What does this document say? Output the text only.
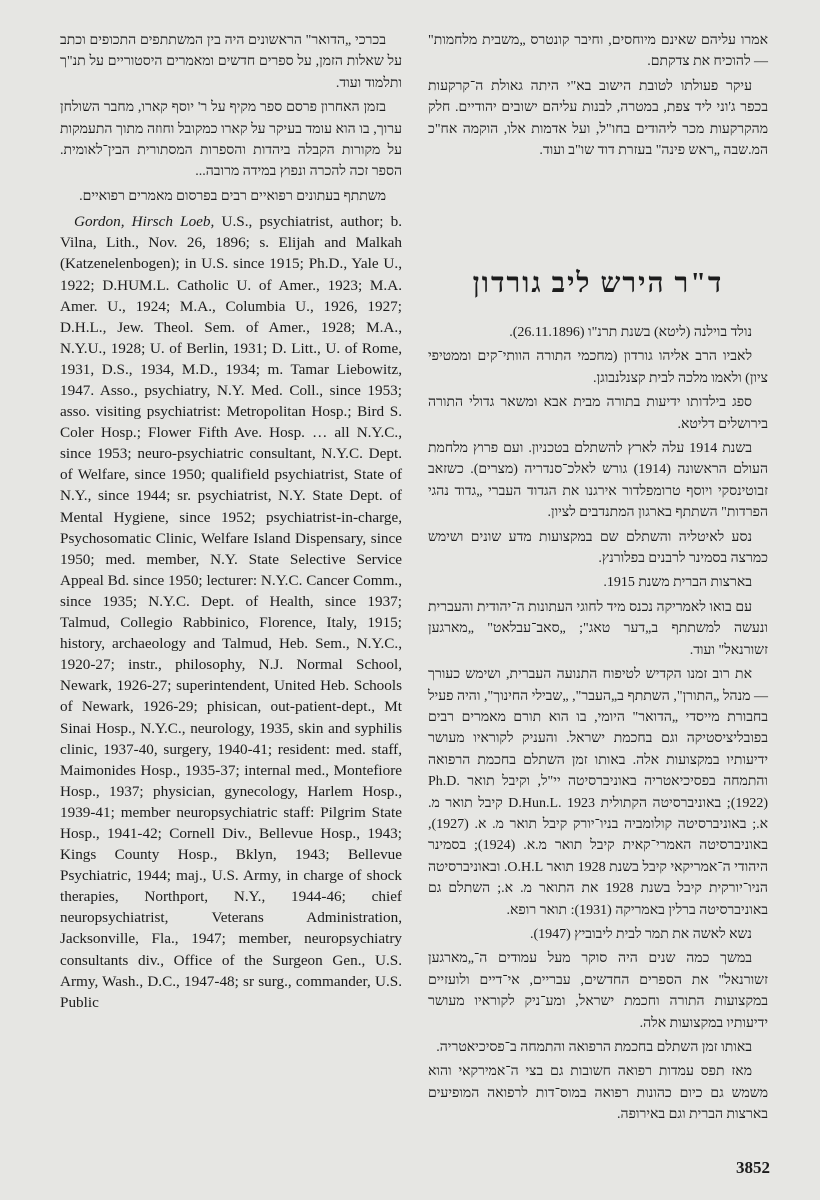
בכרכי „הדואר" הראשונים היה בין המשתתפים התכופים וכתב על שאלות הזמן, על ספרים חדשים ומאמרים היסטוריים על תנ"ך ותלמוד ועוד.

בזמן האחרון פרסם ספר מקיף על ר' יוסף קארו, מחבר השולחן ערוך, בו הוא עומד בעיקר על קארו כמקובל וחוזה מתוך התעמקות על מקורות הקבלה ביהדות והספרות המסתורית הבין־לאומית. הספר זכה להכרה ונפוץ במידה מרובה...

משתתף בעתונים רפואיים רבים בפרסום מאמרים רפואיים.

Gordon, Hirsch Loeb, U.S., psychiatrist, author; b. Vilna, Lith., Nov. 26, 1896; s. Elijah and Malkah (Katzenelenbogen); in U.S. since 1915; Ph.D., Yale U., 1922; D.HUM.L. Catholic U. of Amer., 1923; M.A. Amer. U., 1924; M.A., Columbia U., 1926, 1927; D.H.L., Jew. Theol. Sem. of Amer., 1928; M.A., N.Y.U., 1928; U. of Berlin, 1931; D. Litt., U. of Rome, 1931, D.S., 1934, M.D., 1934; m. Tamar Liebowitz, 1947. Asso., psychiatry, N.Y. Med. Coll., since 1953; asso. visiting psychiatrist: Metropolitan Hosp.; Bird S. Coler Hosp.; Flower Fifth Ave. Hosp. … all N.Y.C., since 1953; neuro-psychiatric consultant, N.Y.C. Dept. of Welfare, since 1950; qualifield psychiatrist, State of N.Y., since 1944; sr. psychiatrist, N.Y. State Dept. of Mental Hygiene, since 1952; psychiatrist-in-charge, Psychosomatic Clinic, Welfare Island Dispensary, since 1950; med. member, N.Y. State Selective Service Appeal Bd. since 1950; lecturer: N.Y.C. Cancer Comm., since 1935; N.Y.C. Dept. of Health, since 1937; Talmud, Collegio Rabbinico, Florence, Italy, 1915; history, archaeology and Talmud, Heb. Sem., N.Y.C., 1920-27; instr., philosophy, N.J. Normal School, Newark, 1926-27; superintendent, United Heb. Schools of Newark, 1926-29; phisican, out-patient-dept., Mt Sinai Hosp., N.Y.C., neurology, 1935, skin and syphilis clinic, 1937-40, surgery, 1940-41; resident: med. staff, Maimonides Hosp., 1935-37; internal med., Montefiore Hosp., 1937; physician, gynecology, Harlem Hosp., 1939-41; member neuropsychiatric staff: Pilgrim State Hosp., 1941-42; Cornell Div., Bellevue Hosp., 1943; Kings County Hosp., Bklyn, 1943; Bellevue Psychiatric, 1944; maj., U.S. Army, in charge of shock therapies, Northport, N.Y., 1944-46; chief neuropsychiatrist, Veterans Administration, Jacksonville, Fla., 1947; member, neuropsychiatry consultants div., Office of the Surgeon Gen., U.S. Army, Wash., D.C., 1947-48; sr surg., commander, U.S. Public

אמרו עליהם שאינם מיוחסים, וחיבר קונטרס „משבית מלחמות" — להוכיח את צדקתם.

עיקר פעולתו לטובת הישוב בא"י היתה גאולת ה־קרקעות בכפר ג'וני ליד צפת, במטרה, לבנות עליהם ישובים יהודיים. חלק מהקרקעות מכר ליהודים בחו"ל, ועל אדמות אלו, הוקמה אח"כ המ.שבה „ראש פינה" בעזרת דוד שו"ב ועוד.

ד"ר הירש ליב גורדון

נולד בוילנה (ליטא) בשנת תרנ"ו (26.11.1896).

לאביו הרב אליהו גורדון (מחכמי התורה הוותי־קים וממטיפי ציון) ולאמו מלכה לבית קצנלנבוגן.

ספג בילדותו ידיעות בתורה מבית אבא ומשאר גדולי התורה בירושלים דליטא.

בשנת 1914 עלה לארץ להשתלם בטכניון. ועם פרוץ מלחמת העולם הראשונה (1914) גורש לאלכ־סנדריה (מצרים). כשזאב זבוטינסקי ויוסף טרומפלדור אירגנו את הגדוד העברי „גדוד נהגי הפרדות" השתתף בארגון המתנדבים לציון.

נסע לאיטליה והשתלם שם במקצועות מדע שונים ושימש כמרצה בסמינר לרבנים בפלורנץ.

בארצות הברית משנת 1915.

עם בואו לאמריקה נכנס מיד לחוגי העתונות ה־יהודית והעברית ונעשה למשתתף ב„דער טאג"; „סאב־עבלאט" „מארגען זשורנאל" ועוד.

את רוב זמנו הקדיש לטיפוח התנועה העברית, ושימש כעורך — מנהל „התורן", השתתף ב„העבר", „שבילי החינוך", והיה פעיל בחבורת מייסדי „הדואר" היומי, בו הוא תורם מאמרים רבים בפובליציסטיקה וגם בחכמת ישראל. והעניק לקוראיו מעושר ידיעותיו במקצועות אלה. באותו זמן השתלם בחכמת הרפואה והתמחה בפסיכיאטריה באוניברסיטה יי"ל, וקיבל תואר Ph.D. (1922); באוניברסיטה הקתולית D.Hun.L. 1923 קיבל תואר מ. א.; באוניברסיטה קולומביה בניו־יורק קיבל תואר מ. א. (1927), באוניברסיטה האמרי־קאית קיבל תואר מ.א. (1924); בסמינר היהודי ה־אמריקאי קיבל בשנת 1928 תואר O.H.L. ובאוניברסיטה הניו־יורקית קיבל בשנת 1928 את התואר מ. א.; השתלם גם באוניברסיטה ברלין באמריקה (1931): תואר רופא.

נשא לאשה את תמר לבית ליבוביץ (1947).

במשך כמה שנים היה סוקר מעל עמודים ה־„מארגען זשורנאל" את הספרים החדשים, עבריים, אי־דיים ולועזיים במקצועות התורה וחכמת ישראל, ומע־ניק לקוראיו מעושר ידיעותיו במקצועות אלה.

באותו זמן השתלם בחכמת הרפואה והתמחה ב־פסיכיאטריה.

מאז תפס עמדות רפואה חשובות גם בצי ה־אמירקאי והוא משמש גם כיום כהונות רפואה במוס־דות לרפואה המופיעים בארצות הברית וגם באירופה.

3852
